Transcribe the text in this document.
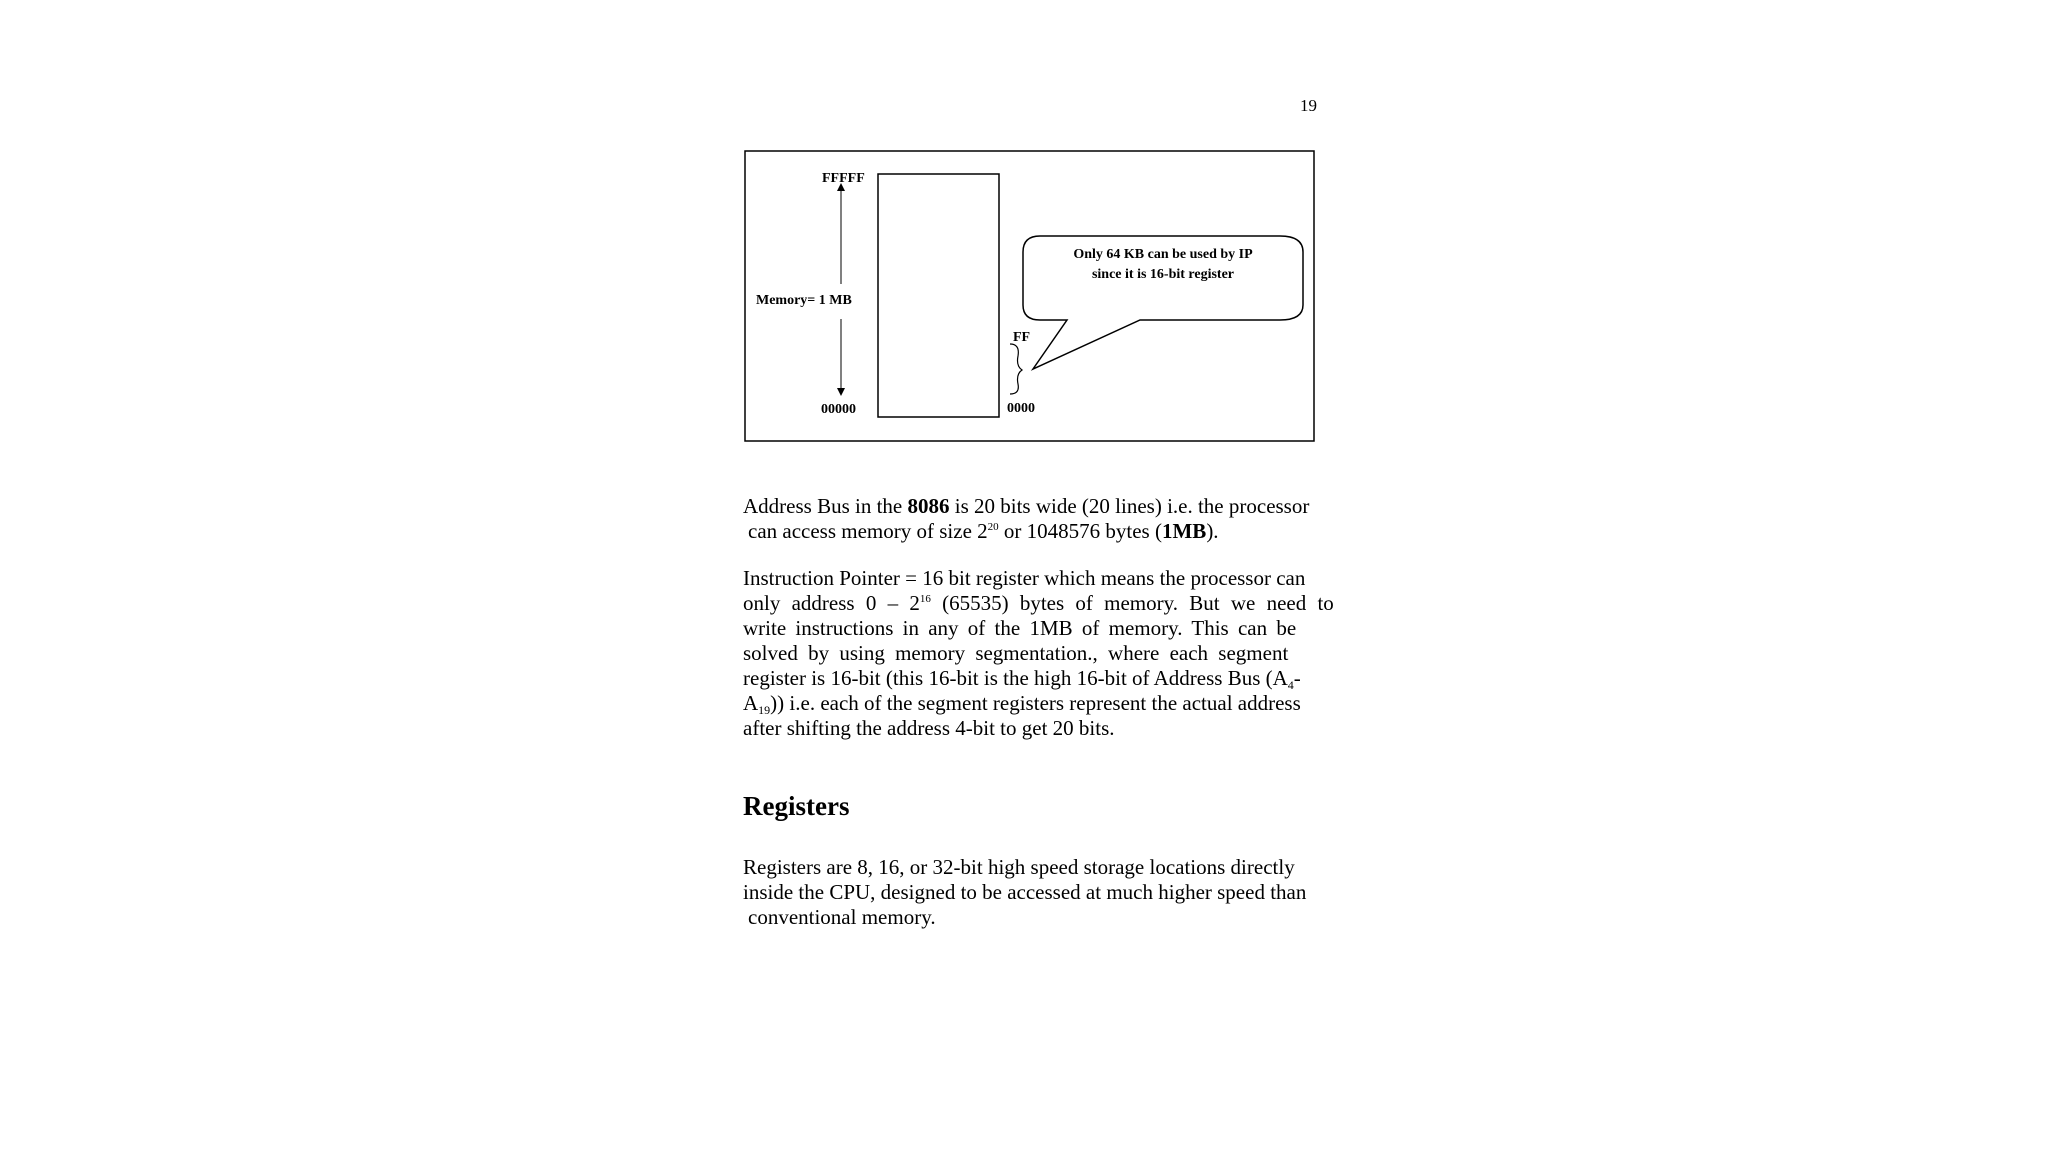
19
FFFFF
00000
Memory= 1 MB
FF
0000
Only 64 KB can be used by IP
since it is 16-bit register
Address Bus in the 8086 is 20 bits wide (20 lines) i.e. the processor
can access memory of size $2^{20}$ or 1048576 bytes (1MB).
Instruction Pointer = 16 bit register which means the processor can
only address $0 - 2^{16}$ (65535) bytes of memory. But we need to
write instructions in any of the 1MB of memory. This can be
solved by using memory segmentation., where each segment
register is 16-bit (this 16-bit is the high 16-bit of Address Bus ($A_4-$
$A_{19}$)) i.e. each of the segment registers represent the actual address
after shifting the address 4-bit to get 20 bits.
Registers
Registers are 8, 16, or 32-bit high speed storage locations directly
inside the CPU, designed to be accessed at much higher speed than
conventional memory.
